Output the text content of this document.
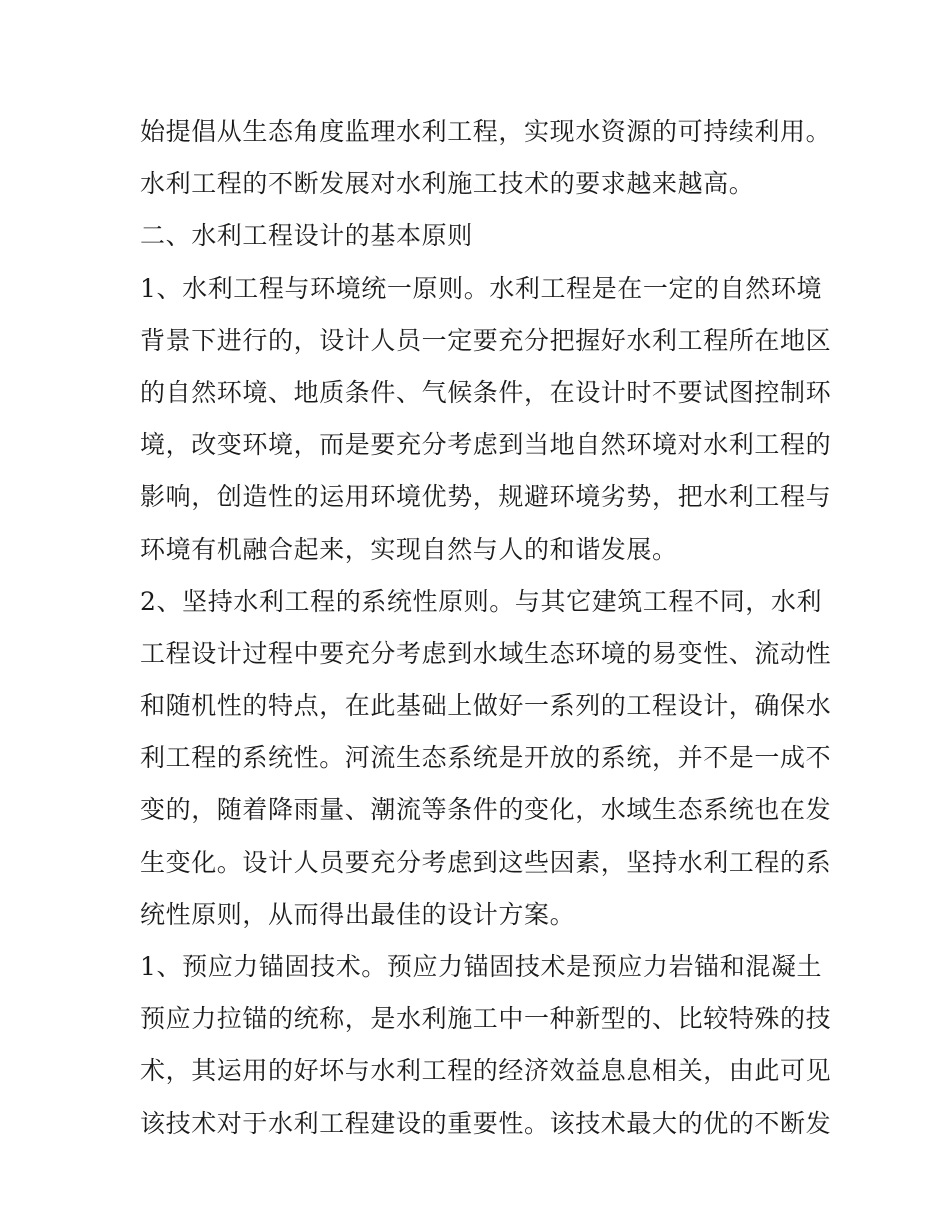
始提倡从生态角度监理水利工程，实现水资源的可持续利用。
水利工程的不断发展对水利施工技术的要求越来越高。
二、水利工程设计的基本原则
1、水利工程与环境统一原则。水利工程是在一定的自然环境
背景下进行的，设计人员一定要充分把握好水利工程所在地区
的自然环境、地质条件、气候条件，在设计时不要试图控制环
境，改变环境，而是要充分考虑到当地自然环境对水利工程的
影响，创造性的运用环境优势，规避环境劣势，把水利工程与
环境有机融合起来，实现自然与人的和谐发展。
2、坚持水利工程的系统性原则。与其它建筑工程不同，水利
工程设计过程中要充分考虑到水域生态环境的易变性、流动性
和随机性的特点，在此基础上做好一系列的工程设计，确保水
利工程的系统性。河流生态系统是开放的系统，并不是一成不
变的，随着降雨量、潮流等条件的变化，水域生态系统也在发
生变化。设计人员要充分考虑到这些因素，坚持水利工程的系
统性原则，从而得出最佳的设计方案。
1、预应力锚固技术。预应力锚固技术是预应力岩锚和混凝土
预应力拉锚的统称，是水利施工中一种新型的、比较特殊的技
术，其运用的好坏与水利工程的经济效益息息相关，由此可见
该技术对于水利工程建设的重要性。该技术最大的优的不断发
